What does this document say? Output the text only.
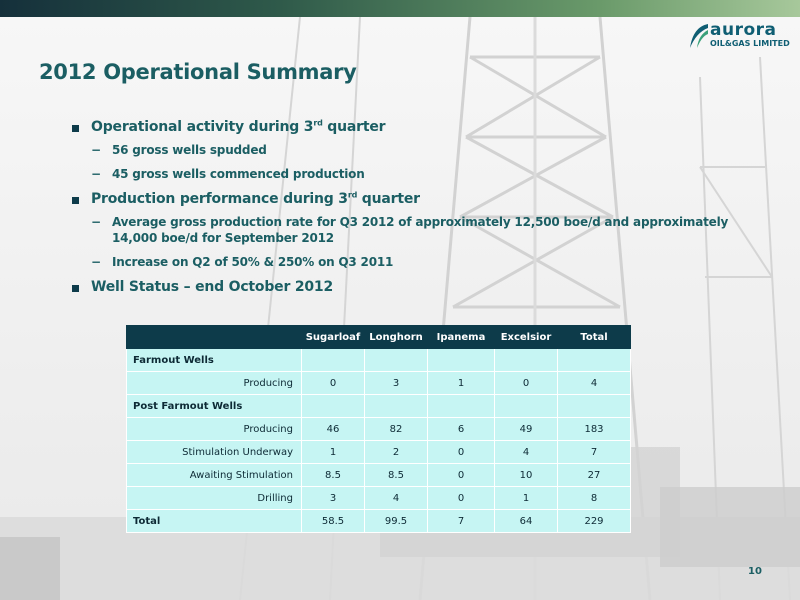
aurora
OIL&GAS LIMITED
2012 Operational Summary
Operational activity during 3rd quarter
− 56 gross wells spudded
− 45 gross wells commenced production
Production performance during 3rd quarter
− Average gross production rate for Q3 2012 of approximately 12,500 boe/d and approximately 14,000 boe/d for September 2012
− Increase on Q2 of 50% & 250% on Q3 2011
Well Status – end October 2012
	Sugarloaf	Longhorn	Ipanema	Excelsior	Total
Farmout Wells					
Producing	0	3	1	0	4
Post Farmout Wells					
Producing	46	82	6	49	183
Stimulation Underway	1	2	0	4	7
Awaiting Stimulation	8.5	8.5	0	10	27
Drilling	3	4	0	1	8
Total	58.5	99.5	7	64	229
10
